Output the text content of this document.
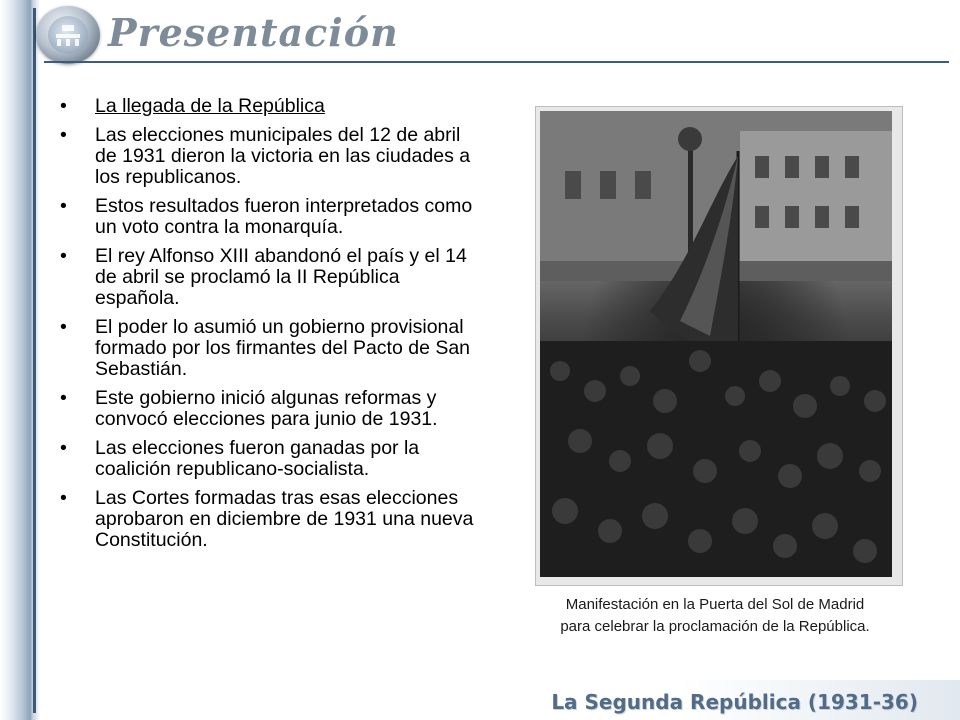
Presentación
• La llegada de la República
• Las elecciones municipales del 12 de abril de 1931 dieron la victoria en las ciudades a los republicanos.
• Estos resultados fueron interpretados como un voto contra la monarquía.
• El rey Alfonso XIII abandonó el país y el 14 de abril se proclamó la II República española.
• El poder lo asumió un gobierno provisional formado por los firmantes del Pacto de San Sebastián.
• Este gobierno inició algunas reformas y convocó elecciones para junio de 1931.
• Las elecciones fueron ganadas por la coalición republicano-socialista.
• Las Cortes formadas tras esas elecciones aprobaron en diciembre de 1931 una nueva Constitución.
Manifestación en la Puerta del Sol de Madrid
para celebrar la proclamación de la República.
La Segunda República (1931-36)
